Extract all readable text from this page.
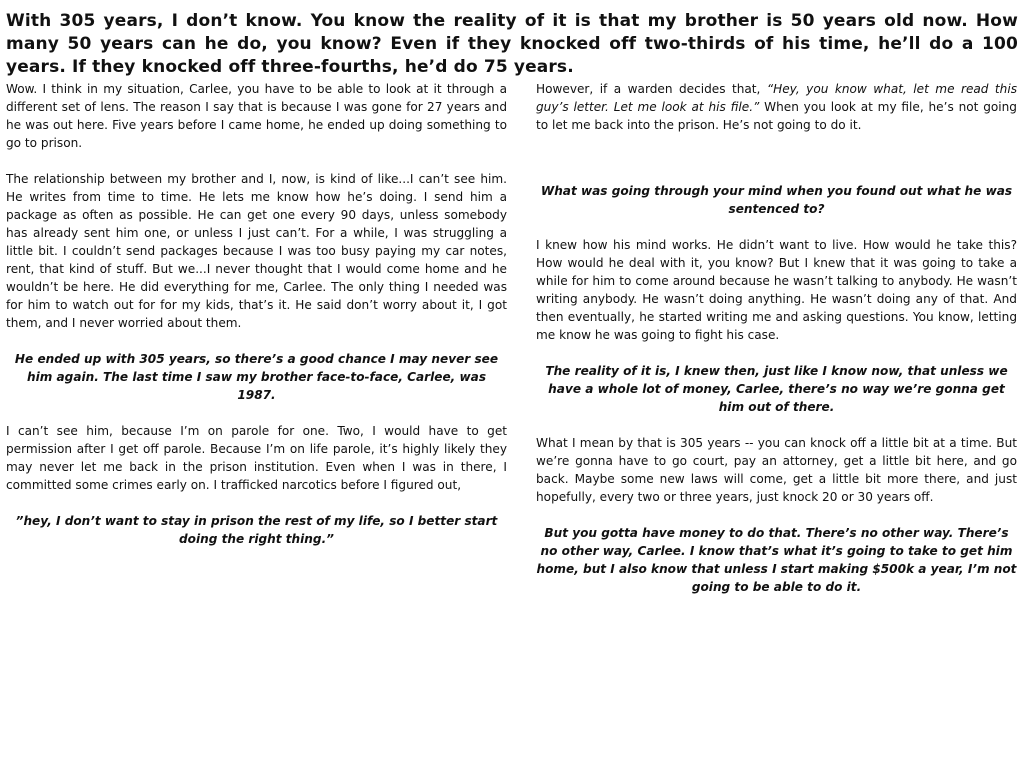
With 305 years, I don’t know. You know the reality of it is that my brother is 50 years old now. How many 50 years can he do, you know? Even if they knocked off two-thirds of his time, he’ll do a 100 years. If they knocked off three-fourths, he’d do 75 years.

Wow. I think in my situation, Carlee, you have to be able to look at it through a different set of lens. The reason I say that is because I was gone for 27 years and he was out here. Five years before I came home, he ended up doing something to go to prison.

The relationship between my brother and I, now, is kind of like...I can’t see him. He writes from time to time. He lets me know how he’s doing. I send him a package as often as possible. He can get one every 90 days, unless somebody has already sent him one, or unless I just can’t. For a while, I was struggling a little bit. I couldn’t send packages because I was too busy paying my car notes, rent, that kind of stuff. But we...I never thought that I would come home and he wouldn’t be here. He did everything for me, Carlee. The only thing I needed was for him to watch out for for my kids, that’s it. He said don’t worry about it, I got them, and I never worried about them.

He ended up with 305 years, so there’s a good chance I may never see him again. The last time I saw my brother face-to-face, Carlee, was 1987.

I can’t see him, because I’m on parole for one. Two, I would have to get permission after I get off parole. Because I’m on life parole, it’s highly likely they may never let me back in the prison institution. Even when I was in there, I committed some crimes early on. I trafficked narcotics before I figured out,

”hey, I don’t want to stay in prison the rest of my life, so I better start doing the right thing.”

However, if a warden decides that, “Hey, you know what, let me read this guy’s letter. Let me look at his file.” When you look at my file, he’s not going to let me back into the prison. He’s not going to do it.

What was going through your mind when you found out what he was sentenced to?

I knew how his mind works. He didn’t want to live. How would he take this? How would he deal with it, you know? But I knew that it was going to take a while for him to come around because he wasn’t talking to anybody. He wasn’t writing anybody. He wasn’t doing anything. He wasn’t doing any of that. And then eventually, he started writing me and asking questions. You know, letting me know he was going to fight his case.

The reality of it is, I knew then, just like I know now, that unless we have a whole lot of money, Carlee, there’s no way we’re gonna get him out of there.

What I mean by that is 305 years -- you can knock off a little bit at a time. But we’re gonna have to go court, pay an attorney, get a little bit here, and go back. Maybe some new laws will come, get a little bit more there, and just hopefully, every two or three years, just knock 20 or 30 years off.

But you gotta have money to do that. There’s no other way. There’s no other way, Carlee. I know that’s what it’s going to take to get him home, but I also know that unless I start making $500k a year, I’m not going to be able to do it.
